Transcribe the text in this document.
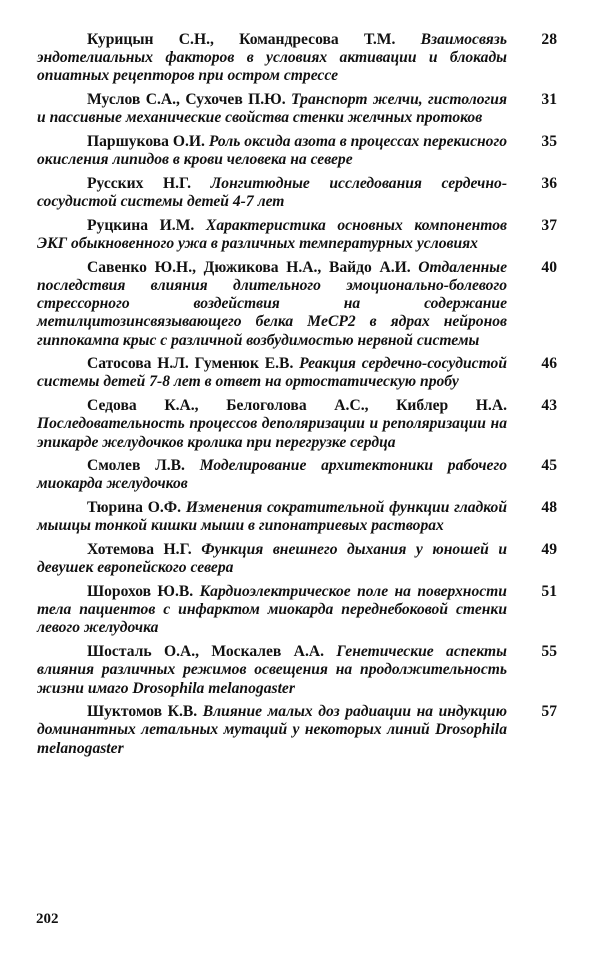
Курицын С.Н., Командресова Т.М. Взаимосвязь эндотелиальных факторов в условиях активации и блокады опиатных рецепторов при остром стрессе
28
Муслов С.А., Сухочев П.Ю. Транспорт желчи, гистология и пассивные механические свойства стенки желчных протоков
31
Паршукова О.И. Роль оксида азота в процессах перекисного окисления липидов в крови человека на севере
35
Русских Н.Г. Лонгитюдные исследования сердечно-сосудистой системы детей 4-7 лет
36
Руцкина И.М. Характеристика основных компонентов ЭКГ обыкновенного ужа в различных температурных условиях
37
Савенко Ю.Н., Дюжикова Н.А., Вайдо А.И. Отдаленные последствия влияния длительного эмоционально-болевого стрессорного воздействия на содержание метилцитозинсвязывающего белка MeCP2 в ядрах нейронов гиппокампа крыс с различной возбудимостью нервной системы
40
Сатосова Н.Л. Гуменюк Е.В. Реакция сердечно-сосудистой системы детей 7-8 лет в ответ на ортостатическую пробу
46
Седова К.А., Белоголова А.С., Киблер Н.А. Последовательность процессов деполяризации и реполяризации на эпикарде желудочков кролика при перегрузке сердца
43
Смолев Л.В. Моделирование архитектоники рабочего миокарда желудочков
45
Тюрина О.Ф. Изменения сократительной функции гладкой мышцы тонкой кишки мыши в гипонатриевых растворах
48
Хотемова Н.Г. Функция внешнего дыхания у юношей и девушек европейского севера
49
Шорохов Ю.В. Кардиоэлектрическое поле на поверхности тела пациентов с инфарктом миокарда переднебоковой стенки левого желудочка
51
Шосталь О.А., Москалев А.А. Генетические аспекты влияния различных режимов освещения на продолжительность жизни имаго Drosophila melanogaster
55
Шуктомов К.В. Влияние малых доз радиации на индукцию доминантных летальных мутаций у некоторых линий Drosophila melanogaster
57
202
